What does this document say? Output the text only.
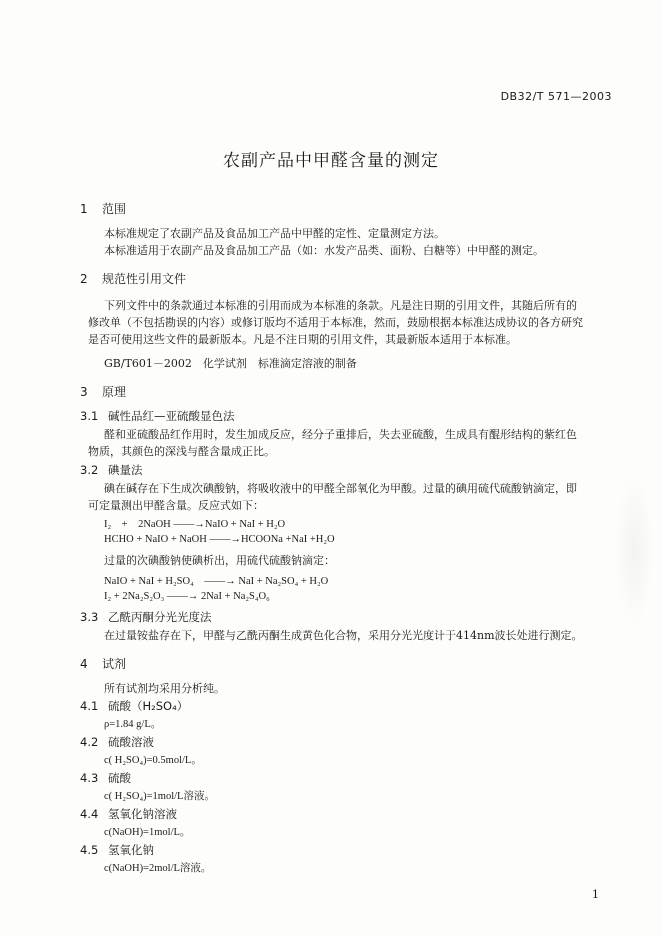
DB32/T 571—2003
农副产品中甲醛含量的测定
1 范围
本标准规定了农副产品及食品加工产品中甲醛的定性、定量测定方法。
本标准适用于农副产品及食品加工产品（如：水发产品类、面粉、白糖等）中甲醛的测定。
2 规范性引用文件
下列文件中的条款通过本标准的引用而成为本标准的条款。凡是注日期的引用文件，其随后所有的
修改单（不包括勘误的内容）或修订版均不适用于本标准，然而，鼓励根据本标准达成协议的各方研究
是否可使用这些文件的最新版本。凡是不注日期的引用文件，其最新版本适用于本标准。
GB/T601－2002　化学试剂　标准滴定溶液的制备
3 原理
3.1 碱性品红—亚硫酸显色法
醛和亚硫酸品红作用时，发生加成反应，经分子重排后，失去亚硫酸，生成具有醌形结构的紫红色
物质，其颜色的深浅与醛含量成正比。
3.2 碘量法
碘在碱存在下生成次碘酸钠，将吸收液中的甲醛全部氧化为甲酸。过量的碘用硫代硫酸钠滴定，即
可定量测出甲醛含量。反应式如下：
I₂　+　2NaOH ——→NaIO + NaI + H₂O
HCHO + NaIO + NaOH ——→HCOONa +NaI +H₂O
过量的次碘酸钠使碘析出，用硫代硫酸钠滴定：
NaIO + NaI + H₂SO₄　——→ NaI + Na₂SO₄ + H₂O
I₂ + 2Na₂S₂O₃ ——→ 2NaI + Na₂S₄O₆
3.3 乙酰丙酮分光光度法
在过量铵盐存在下，甲醛与乙酰丙酮生成黄色化合物，采用分光光度计于414nm波长处进行测定。
4 试剂
所有试剂均采用分析纯。
4.1 硫酸（H₂SO₄）
ρ=1.84 g/L。
4.2 硫酸溶液
c( H₂SO₄)=0.5mol/L。
4.3 硫酸
c( H₂SO₄)=1mol/L溶液。
4.4 氢氧化钠溶液
c(NaOH)=1mol/L。
4.5 氢氧化钠
c(NaOH)=2mol/L溶液。
1
